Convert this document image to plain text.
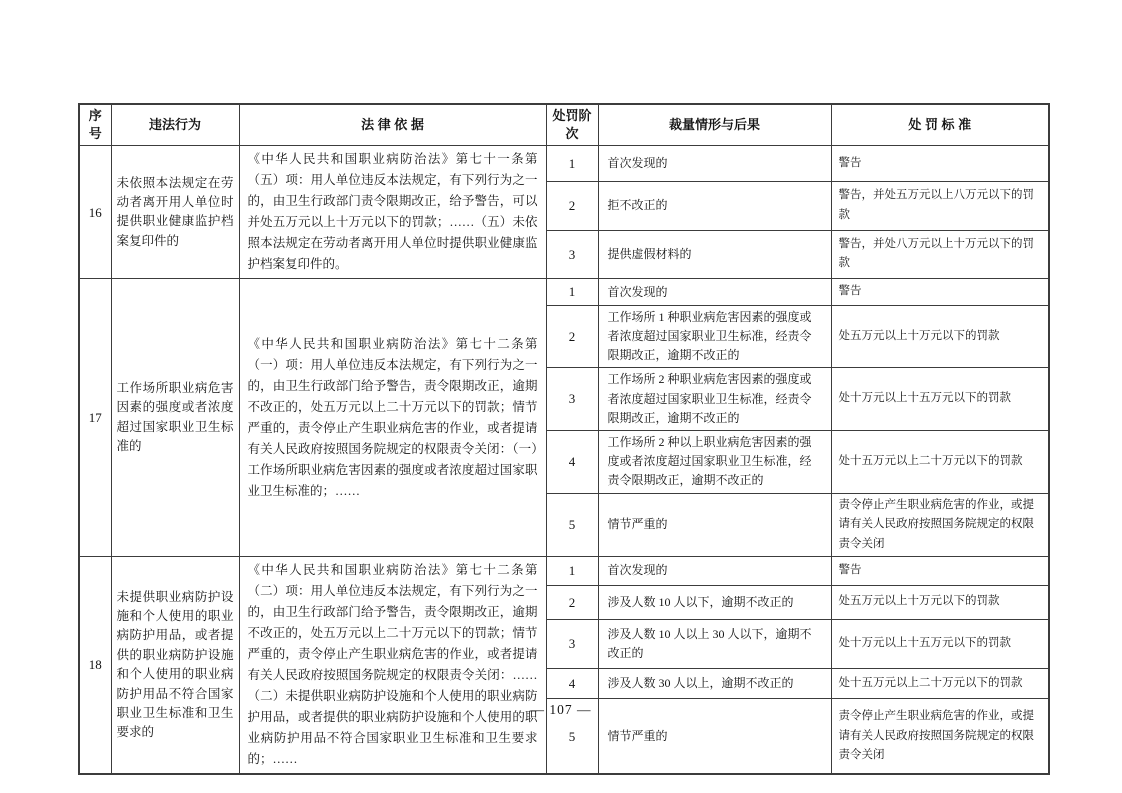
序号	违法行为	法 律 依 据	处罚阶次	裁量情形与后果	处 罚 标 准
16	未依照本法规定在劳动者离开用人单位时提供职业健康监护档案复印件的	《中华人民共和国职业病防治法》第七十一条第（五）项：用人单位违反本法规定，有下列行为之一的，由卫生行政部门责令限期改正，给予警告，可以并处五万元以上十万元以下的罚款；……（五）未依照本法规定在劳动者离开用人单位时提供职业健康监护档案复印件的。	1	首次发现的	警告
			2	拒不改正的	警告，并处五万元以上八万元以下的罚款
			3	提供虚假材料的	警告，并处八万元以上十万元以下的罚款
17	工作场所职业病危害因素的强度或者浓度超过国家职业卫生标准的	《中华人民共和国职业病防治法》第七十二条第（一）项：用人单位违反本法规定，有下列行为之一的，由卫生行政部门给予警告，责令限期改正，逾期不改正的，处五万元以上二十万元以下的罚款；情节严重的，责令停止产生职业病危害的作业，或者提请有关人民政府按照国务院规定的权限责令关闭：（一）工作场所职业病危害因素的强度或者浓度超过国家职业卫生标准的；……	1	首次发现的	警告
			2	工作场所 1 种职业病危害因素的强度或者浓度超过国家职业卫生标准，经责令限期改正，逾期不改正的	处五万元以上十万元以下的罚款
			3	工作场所 2 种职业病危害因素的强度或者浓度超过国家职业卫生标准，经责令限期改正，逾期不改正的	处十万元以上十五万元以下的罚款
			4	工作场所 2 种以上职业病危害因素的强度或者浓度超过国家职业卫生标准，经责令限期改正，逾期不改正的	处十五万元以上二十万元以下的罚款
			5	情节严重的	责令停止产生职业病危害的作业，或提请有关人民政府按照国务院规定的权限责令关闭
18	未提供职业病防护设施和个人使用的职业病防护用品，或者提供的职业病防护设施和个人使用的职业病防护用品不符合国家职业卫生标准和卫生要求的	《中华人民共和国职业病防治法》第七十二条第（二）项：用人单位违反本法规定，有下列行为之一的，由卫生行政部门给予警告，责令限期改正，逾期不改正的，处五万元以上二十万元以下的罚款；情节严重的，责令停止产生职业病危害的作业，或者提请有关人民政府按照国务院规定的权限责令关闭：……（二）未提供职业病防护设施和个人使用的职业病防护用品，或者提供的职业病防护设施和个人使用的职业病防护用品不符合国家职业卫生标准和卫生要求的；……	1	首次发现的	警告
			2	涉及人数 10 人以下，逾期不改正的	处五万元以上十万元以下的罚款
			3	涉及人数 10 人以上 30 人以下，逾期不改正的	处十万元以上十五万元以下的罚款
			4	涉及人数 30 人以上，逾期不改正的	处十五万元以上二十万元以下的罚款
			5	情节严重的	责令停止产生职业病危害的作业，或提请有关人民政府按照国务院规定的权限责令关闭
— 107 —
